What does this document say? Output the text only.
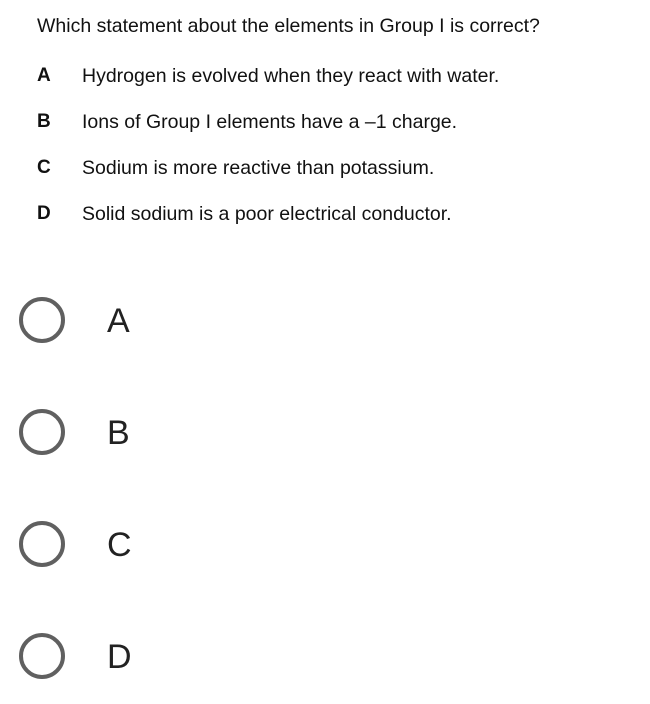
Which statement about the elements in Group I is correct?
A Hydrogen is evolved when they react with water.
B Ions of Group I elements have a –1 charge.
C Sodium is more reactive than potassium.
D Solid sodium is a poor electrical conductor.
A
B
C
D
